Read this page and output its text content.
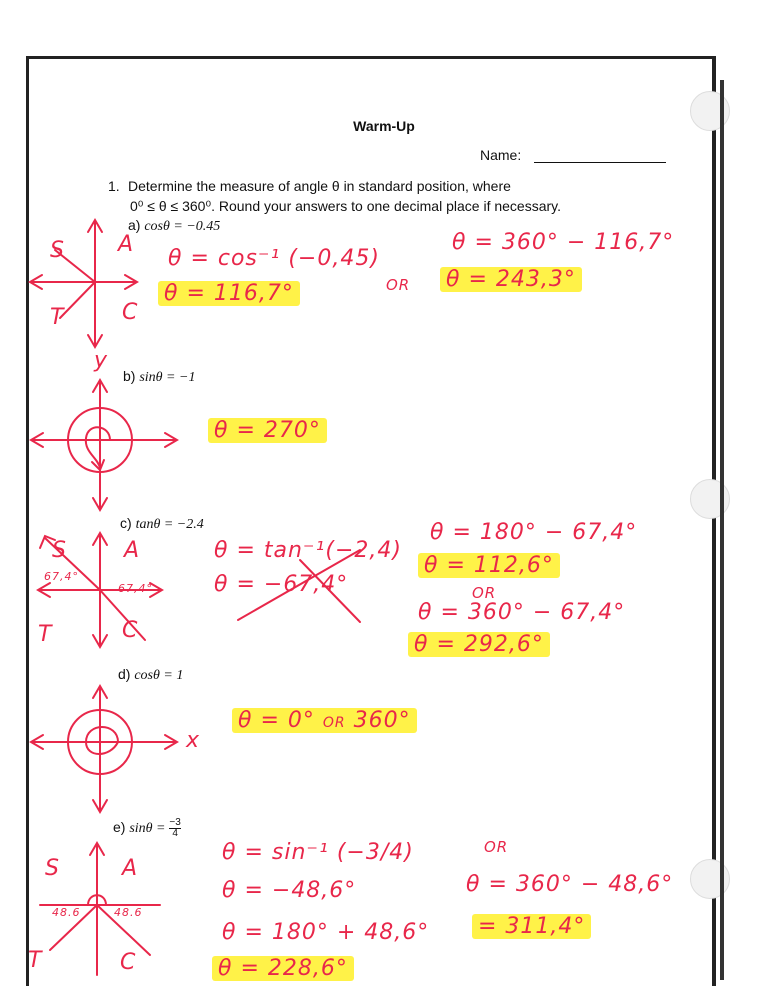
Warm-Up
Name:
1. Determine the measure of angle θ in standard position, where
0⁰ ≤ θ ≤ 360⁰. Round your answers to one decimal place if necessary.
a) cosθ = −0.45
b) sinθ = −1
c) tanθ = −2.4
d) cosθ = 1
e) $\sin\theta = \frac{-3}{4}$
S A
T	C
θ = cos⁻¹ (−0,45)
θ = 116,7°	OR
θ = 360° − 116,7°
θ = 243,3°
y
θ = 270°
S	A
T	C
67,4°
67,4°
θ = tan⁻¹(−2,4)
θ = −67,4°
θ = 180° − 67,4°
θ = 112,6°
OR
θ = 360° − 67,4°
θ = 292,6°
x
θ = 0° OR 360°
S	A
T	C
48.6	48.6
θ = sin⁻¹ (−3/4)
θ = −48,6°
θ = 180° + 48,6°
θ = 228,6°
OR
θ = 360° − 48,6°
= 311,4°
